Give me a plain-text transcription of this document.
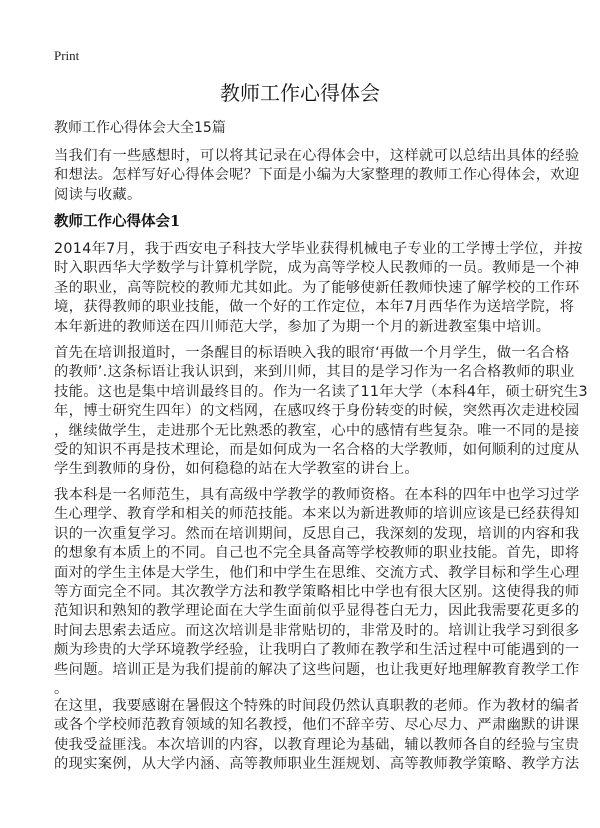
Print
教师工作心得体会
教师工作心得体会大全15篇
当我们有一些感想时，可以将其记录在心得体会中，这样就可以总结出具体的经验
和想法。怎样写好心得体会呢？下面是小编为大家整理的教师工作心得体会，欢迎
阅读与收藏。
教师工作心得体会1
2014年7月，我于西安电子科技大学毕业获得机械电子专业的工学博士学位，并按
时入职西华大学数学与计算机学院，成为高等学校人民教师的一员。教师是一个神
圣的职业，高等院校的教师尤其如此。为了能够使新任教师快速了解学校的工作环
境，获得教师的职业技能，做一个好的工作定位，本年7月西华作为送培学院，将
本年新进的教师送在四川师范大学，参加了为期一个月的新进教室集中培训。
首先在培训报道时，一条醒目的标语映入我的眼帘‘再做一个月学生，做一名合格
的教师’.这条标语让我认识到，来到川师，其目的是学习作为一名合格教师的职业
技能。这也是集中培训最终目的。作为一名读了11年大学（本科4年，硕士研究生3
年，博士研究生四年）的文档网，在感叹终于身份转变的时候，突然再次走进校园
，继续做学生，走进那个无比熟悉的教室，心中的感情有些复杂。唯一不同的是接
受的知识不再是技术理论，而是如何成为一名合格的大学教师，如何顺利的过度从
学生到教师的身份，如何稳稳的站在大学教室的讲台上。
我本科是一名师范生，具有高级中学教学的教师资格。在本科的四年中也学习过学
生心理学、教育学和相关的师范技能。本来以为新进教师的培训应该是已经获得知
识的一次重复学习。然而在培训期间，反思自己，我深刻的发现，培训的内容和我
的想象有本质上的不同。自己也不完全具备高等学校教师的职业技能。首先，即将
面对的学生主体是大学生，他们和中学生在思维、交流方式、教学目标和学生心理
等方面完全不同。其次教学方法和教学策略相比中学也有很大区别。这使得我的师
范知识和熟知的教学理论面在大学生面前似乎显得苍白无力，因此我需要花更多的
时间去思索去适应。而这次培训是非常贴切的，非常及时的。培训让我学习到很多
颇为珍贵的大学环境教学经验，让我明白了教师在教学和生活过程中可能遇到的一
些问题。培训正是为我们提前的解决了这些问题，也让我更好地理解教育教学工作
。
在这里，我要感谢在暑假这个特殊的时间段仍然认真职教的老师。作为教材的编者
或各个学校师范教育领域的知名教授，他们不辞辛劳、尽心尽力、严肃幽默的讲课
使我受益匪浅。本次培训的内容，以教育理论为基础，辅以教师各自的经验与宝贵
的现实案例，从大学内涵、高等教师职业生涯规划、高等教师教学策略、教学方法
